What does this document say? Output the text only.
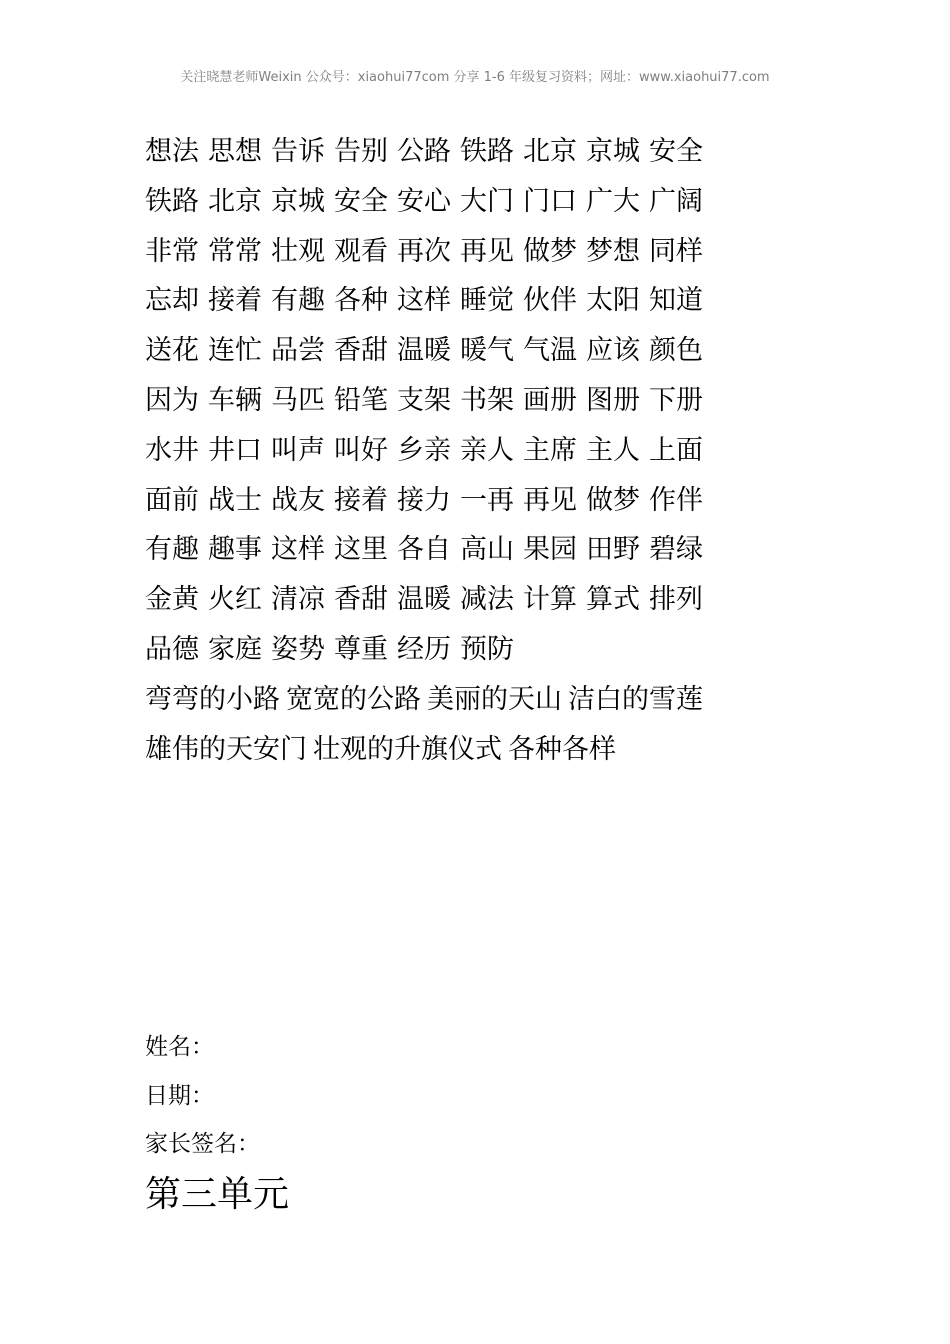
关注晓慧老师Weixin 公众号：xiaohui77com 分享 1-6 年级复习资料；网址：www.xiaohui77.com
想法 思想 告诉 告别 公路 铁路 北京 京城 安全
铁路 北京 京城 安全 安心 大门 门口 广大 广阔
非常 常常 壮观 观看 再次 再见 做梦 梦想 同样
忘却 接着 有趣 各种 这样 睡觉 伙伴 太阳 知道
送花 连忙 品尝 香甜 温暖 暖气 气温 应该 颜色
因为 车辆 马匹 铅笔 支架 书架 画册 图册 下册
水井 井口 叫声 叫好 乡亲 亲人 主席 主人 上面
面前 战士 战友 接着 接力 一再 再见 做梦 作伴
有趣 趣事 这样 这里 各自 高山 果园 田野 碧绿
金黄 火红 清凉 香甜 温暖 减法 计算 算式 排列
品德 家庭 姿势 尊重 经历 预防
弯弯的小路 宽宽的公路 美丽的天山 洁白的雪莲
雄伟的天安门 壮观的升旗仪式 各种各样
姓名：
日期：
家长签名：
第三单元
